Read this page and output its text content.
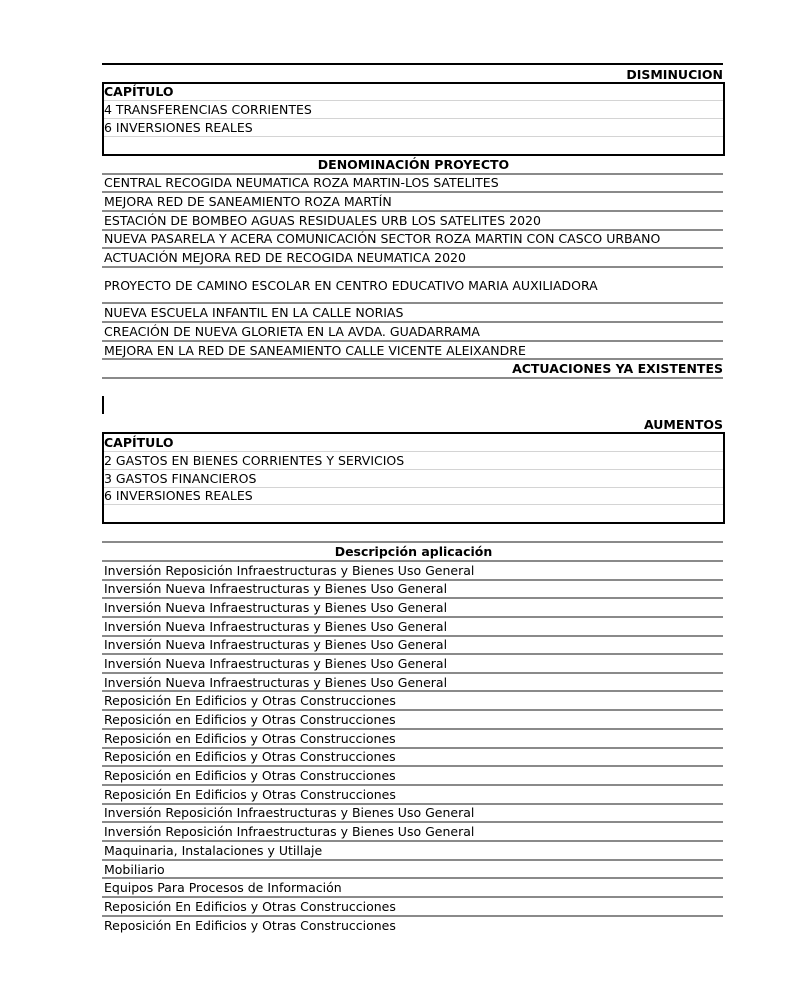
DISMINUCION
CAPÍTULO
4 TRANSFERENCIAS CORRIENTES
6 INVERSIONES REALES
DENOMINACIÓN PROYECTO
CENTRAL RECOGIDA NEUMATICA ROZA MARTIN-LOS SATELITES
MEJORA RED DE SANEAMIENTO ROZA MARTÍN
ESTACIÓN DE BOMBEO AGUAS RESIDUALES URB LOS SATELITES 2020
NUEVA PASARELA Y ACERA COMUNICACIÓN SECTOR ROZA MARTIN CON CASCO URBANO
ACTUACIÓN MEJORA RED DE RECOGIDA NEUMATICA 2020
PROYECTO DE CAMINO ESCOLAR EN CENTRO EDUCATIVO MARIA AUXILIADORA
NUEVA ESCUELA INFANTIL EN LA CALLE NORIAS
CREACIÓN DE NUEVA GLORIETA EN LA AVDA. GUADARRAMA
MEJORA EN LA RED DE SANEAMIENTO CALLE VICENTE ALEIXANDRE
ACTUACIONES YA EXISTENTES
AUMENTOS
CAPÍTULO
2 GASTOS EN BIENES CORRIENTES Y SERVICIOS
3 GASTOS FINANCIEROS
6 INVERSIONES REALES
Descripción aplicación
Inversión Reposición Infraestructuras y Bienes Uso General
Inversión Nueva Infraestructuras y Bienes Uso General
Inversión Nueva Infraestructuras y Bienes Uso General
Inversión Nueva Infraestructuras y Bienes Uso General
Inversión Nueva Infraestructuras y Bienes Uso General
Inversión Nueva Infraestructuras y Bienes Uso General
Inversión Nueva Infraestructuras y Bienes Uso General
Reposición En Edificios y Otras Construcciones
Reposición en Edificios y Otras Construcciones
Reposición en Edificios y Otras Construcciones
Reposición en Edificios y Otras Construcciones
Reposición en Edificios y Otras Construcciones
Reposición En Edificios y Otras Construcciones
Inversión Reposición Infraestructuras y Bienes Uso General
Inversión Reposición Infraestructuras y Bienes Uso General
Maquinaria, Instalaciones y Utillaje
Mobiliario
Equipos Para Procesos de Información
Reposición En Edificios y Otras Construcciones
Reposición En Edificios y Otras Construcciones
